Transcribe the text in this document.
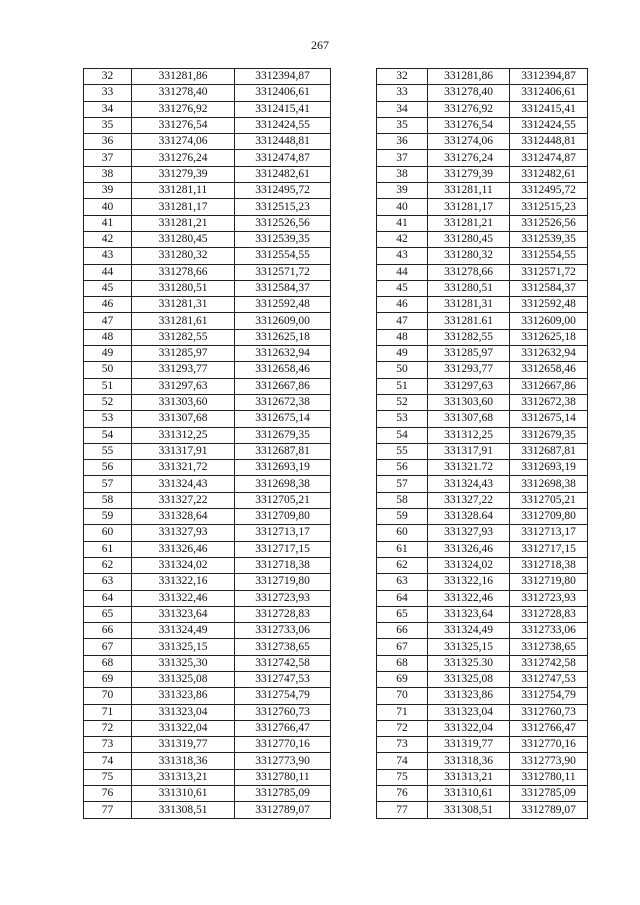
267
32	331281,86	3312394,87
33	331278,40	3312406,61
34	331276,92	3312415,41
35	331276,54	3312424,55
36	331274,06	3312448,81
37	331276,24	3312474,87
38	331279,39	3312482,61
39	331281,11	3312495,72
40	331281,17	3312515,23
41	331281,21	3312526,56
42	331280,45	3312539,35
43	331280,32	3312554,55
44	331278,66	3312571,72
45	331280,51	3312584,37
46	331281,31	3312592,48
47	331281,61	3312609,00
48	331282,55	3312625,18
49	331285,97	3312632,94
50	331293,77	3312658,46
51	331297,63	3312667,86
52	331303,60	3312672,38
53	331307,68	3312675,14
54	331312,25	3312679,35
55	331317,91	3312687,81
56	331321,72	3312693,19
57	331324,43	3312698,38
58	331327,22	3312705,21
59	331328,64	3312709,80
60	331327,93	3312713,17
61	331326,46	3312717,15
62	331324,02	3312718,38
63	331322,16	3312719,80
64	331322,46	3312723,93
65	331323,64	3312728,83
66	331324,49	3312733,06
67	331325,15	3312738,65
68	331325,30	3312742,58
69	331325,08	3312747,53
70	331323,86	3312754,79
71	331323,04	3312760,73
72	331322,04	3312766,47
73	331319,77	3312770,16
74	331318,36	3312773,90
75	331313,21	3312780,11
76	331310,61	3312785,09
77	331308,51	3312789,07
32	331281,86	3312394,87
33	331278,40	3312406,61
34	331276,92	3312415,41
35	331276,54	3312424,55
36	331274,06	3312448,81
37	331276,24	3312474,87
38	331279,39	3312482,61
39	331281,11	3312495,72
40	331281,17	3312515,23
41	331281,21	3312526,56
42	331280,45	3312539,35
43	331280,32	3312554,55
44	331278,66	3312571,72
45	331280,51	3312584,37
46	331281,31	3312592,48
47	331281.61	3312609,00
48	331282,55	3312625,18
49	331285,97	3312632,94
50	331293,77	3312658,46
51	331297,63	3312667,86
52	331303,60	3312672,38
53	331307,68	3312675,14
54	331312,25	3312679,35
55	331317,91	3312687,81
56	331321.72	3312693,19
57	331324,43	3312698,38
58	331327,22	3312705,21
59	331328.64	3312709,80
60	331327,93	3312713,17
61	331326,46	3312717,15
62	331324,02	3312718,38
63	331322,16	3312719,80
64	331322,46	3312723,93
65	331323,64	3312728,83
66	331324,49	3312733,06
67	331325,15	3312738,65
68	331325.30	3312742,58
69	331325,08	3312747,53
70	331323,86	3312754,79
71	331323,04	3312760,73
72	331322,04	3312766,47
73	331319,77	3312770,16
74	331318,36	3312773,90
75	331313,21	3312780,11
76	331310,61	3312785,09
77	331308,51	3312789,07
